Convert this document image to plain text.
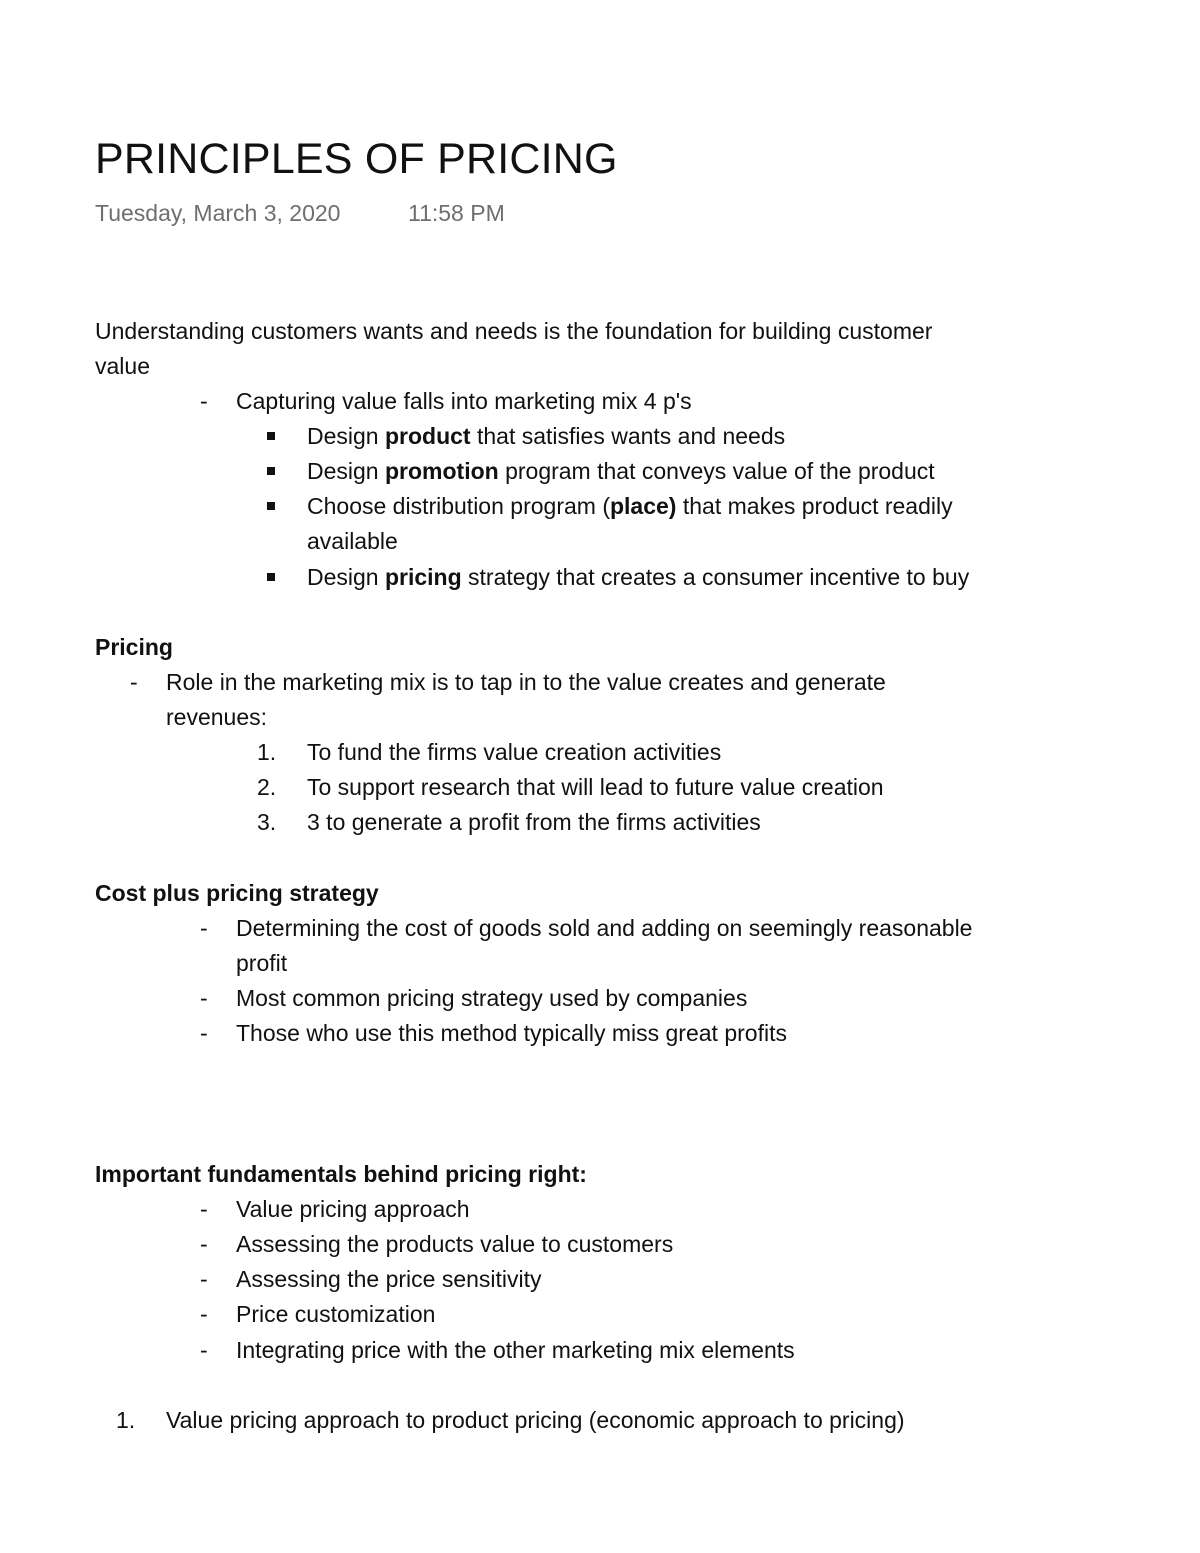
PRINCIPLES OF PRICING
Tuesday, March 3, 2020	11:58 PM
Understanding customers wants and needs is the foundation for building customer
value
- Capturing value falls into marketing mix 4 p's
Design product that satisfies wants and needs
Design promotion program that conveys value of the product
Choose distribution program (place) that makes product readily
available
Design pricing strategy that creates a consumer incentive to buy
Pricing
- Role in the marketing mix is to tap in to the value creates and generate
revenues:
1. To fund the firms value creation activities
2. To support research that will lead to future value creation
3. 3 to generate a profit from the firms activities
Cost plus pricing strategy
- Determining the cost of goods sold and adding on seemingly reasonable
profit
- Most common pricing strategy used by companies
- Those who use this method typically miss great profits
Important fundamentals behind pricing right:
- Value pricing approach
- Assessing the products value to customers
- Assessing the price sensitivity
- Price customization
- Integrating price with the other marketing mix elements
1. Value pricing approach to product pricing (economic approach to pricing)
